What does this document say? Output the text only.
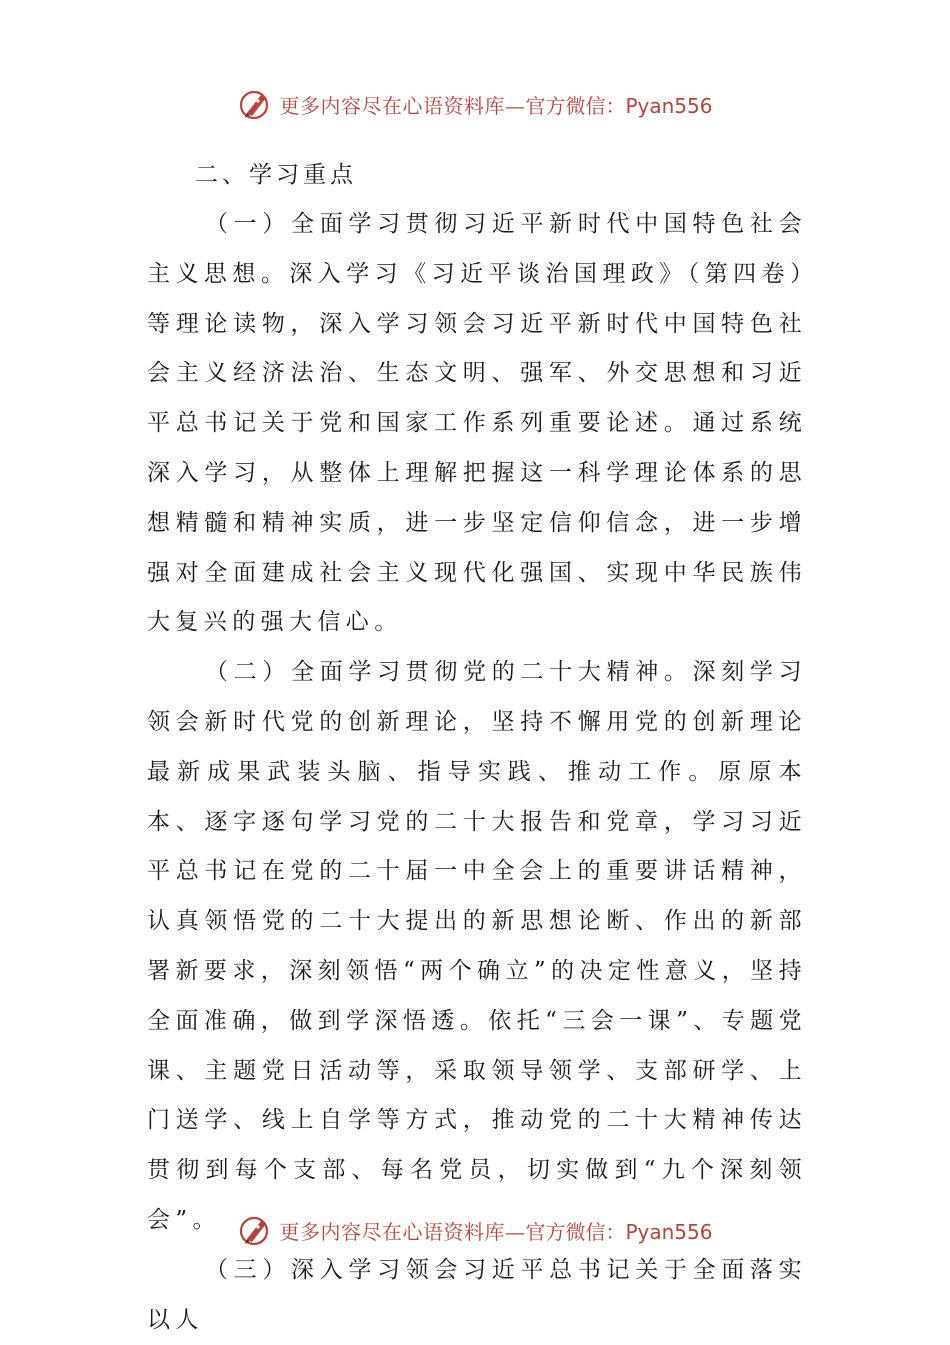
更多内容尽在心语资料库— 官方微信：Pyan556

二、学习重点

（一）全面学习贯彻习近平新时代中国特色社会主义思想。深入学习《习近平谈治国理政》（第四卷）等理论读物，深入学习领会习近平新时代中国特色社会主义经济法治、生态文明、强军、外交思想和习近平总书记关于党和国家工作系列重要论述。通过系统深入学习，从整体上理解把握这一科学理论体系的思想精髓和精神实质，进一步坚定信仰信念，进一步增强对全面建成社会主义现代化强国、实现中华民族伟大复兴的强大信心。

（二）全面学习贯彻党的二十大精神。深刻学习领会新时代党的创新理论，坚持不懈用党的创新理论最新成果武装头脑、指导实践、推动工作。原原本本、逐字逐句学习党的二十大报告和党章，学习习近平总书记在党的二十届一中全会上的重要讲话精神，认真领悟党的二十大提出的新思想论断、作出的新部署新要求，深刻领悟“两个确立”的决定性意义，坚持全面准确，做到学深悟透。依托“三会一课”、专题党课、主题党日活动等，采取领导领学、支部研学、上门送学、线上自学等方式，推动党的二十大精神传达贯彻到每个支部、每名党员，切实做到“九个深刻领会”。

（三）深入学习领会习近平总书记关于全面落实以人

更多内容尽在心语资料库— 官方微信：Pyan556
